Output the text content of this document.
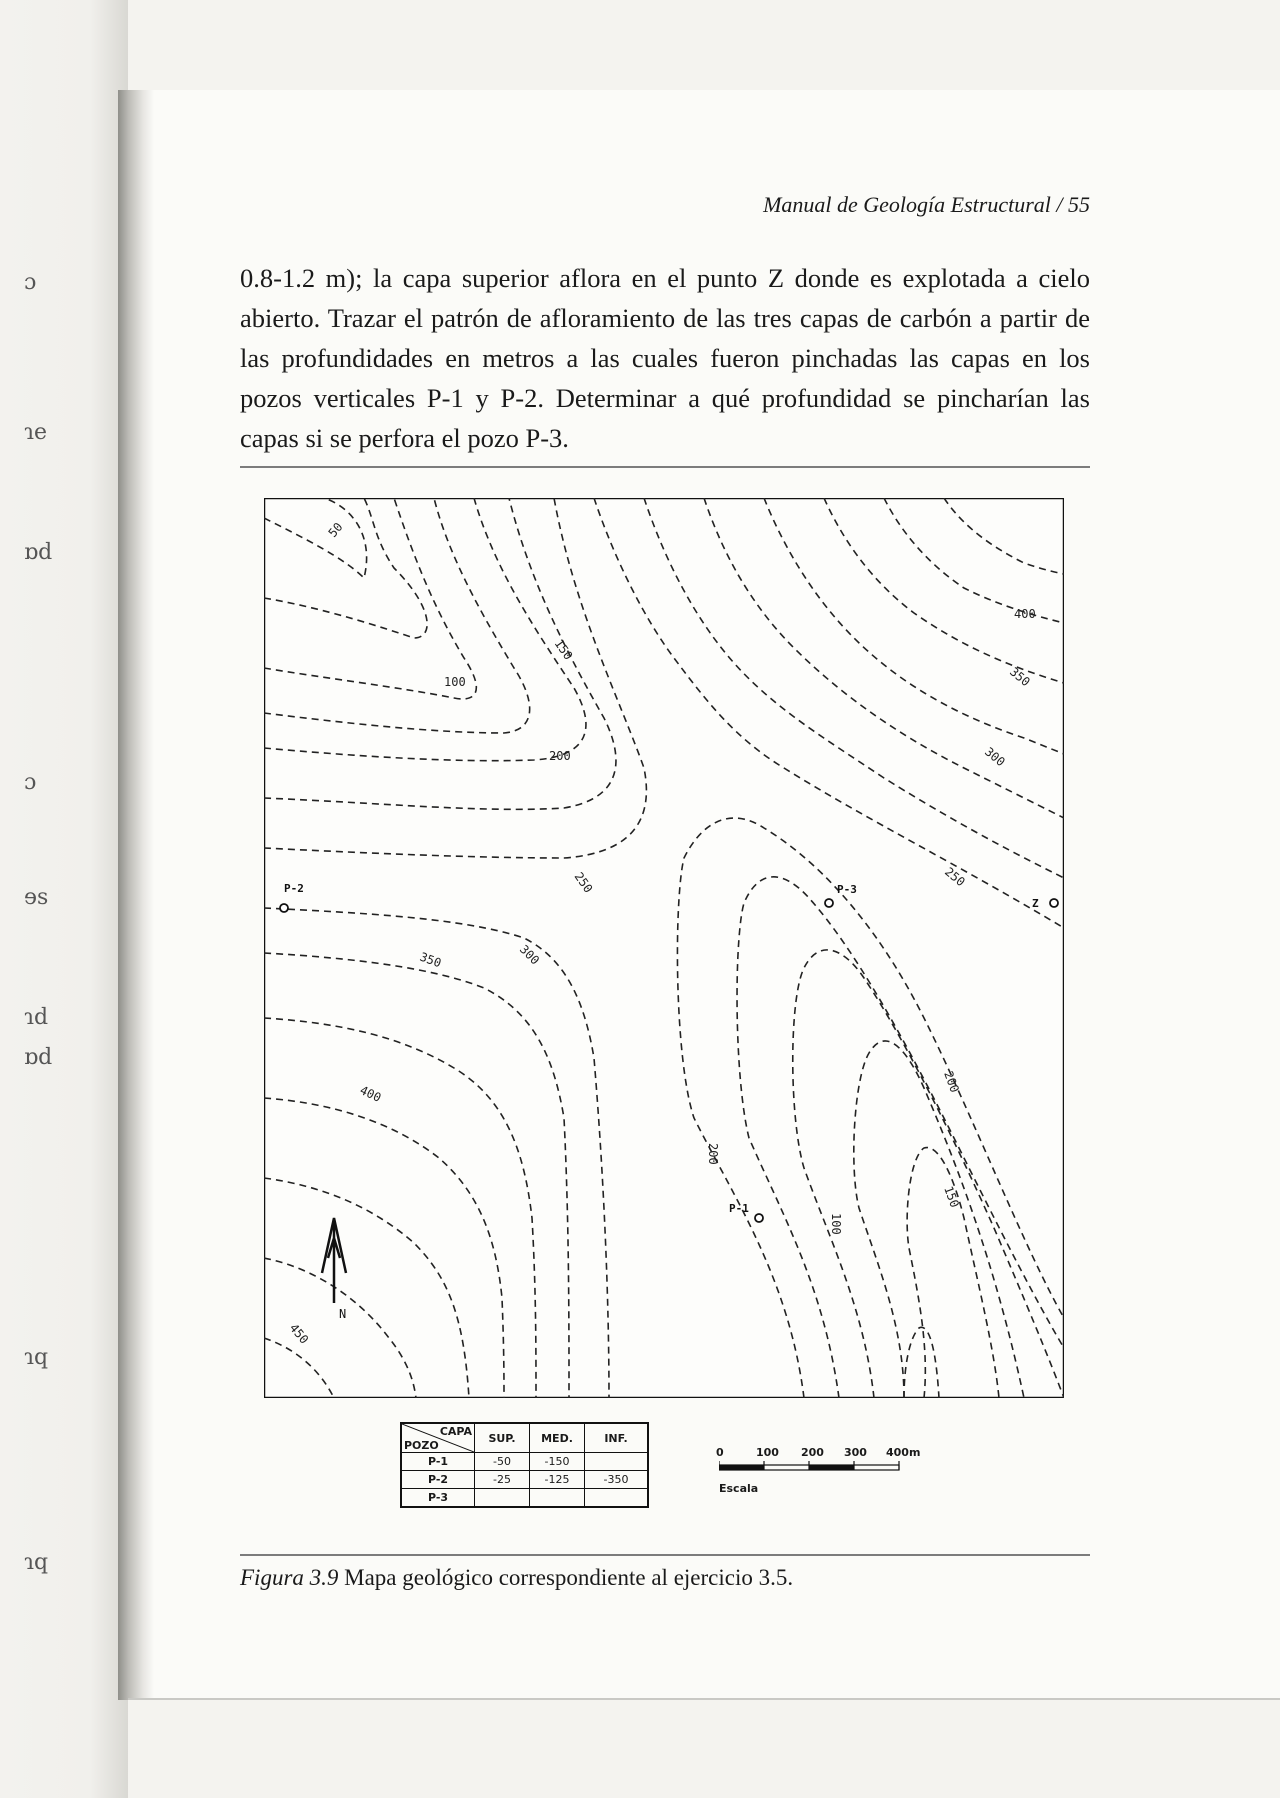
ɔ
ɿe
ɒd
ɔ
ɘs
ɿd
ɒd
ɿq
ɿq
Manual de Geología Estructural / 55
0.8-1.2 m); la capa superior aflora en el punto Z donde es explotada a cielo abierto. Trazar el patrón de afloramiento de las tres capas de carbón a partir de las profundidades en metros a las cuales fueron pinchadas las capas en los pozos verticales P-1 y P-2. Determinar a qué profundidad se pincharían las capas si se perfora el pozo P-3.
50
100
150
200
250
300
350
400
450
400
350
300
250
200
150
100
200
P-1
P-2	P-3
Z
N
CAPA
POZO	SUP.	MED.	INF.
P-1	-50	-150	
P-2	-25	-125	-350
P-3			
0	100 200 300 400m
Escala
Figura 3.9 Mapa geológico correspondiente al ejercicio 3.5.
